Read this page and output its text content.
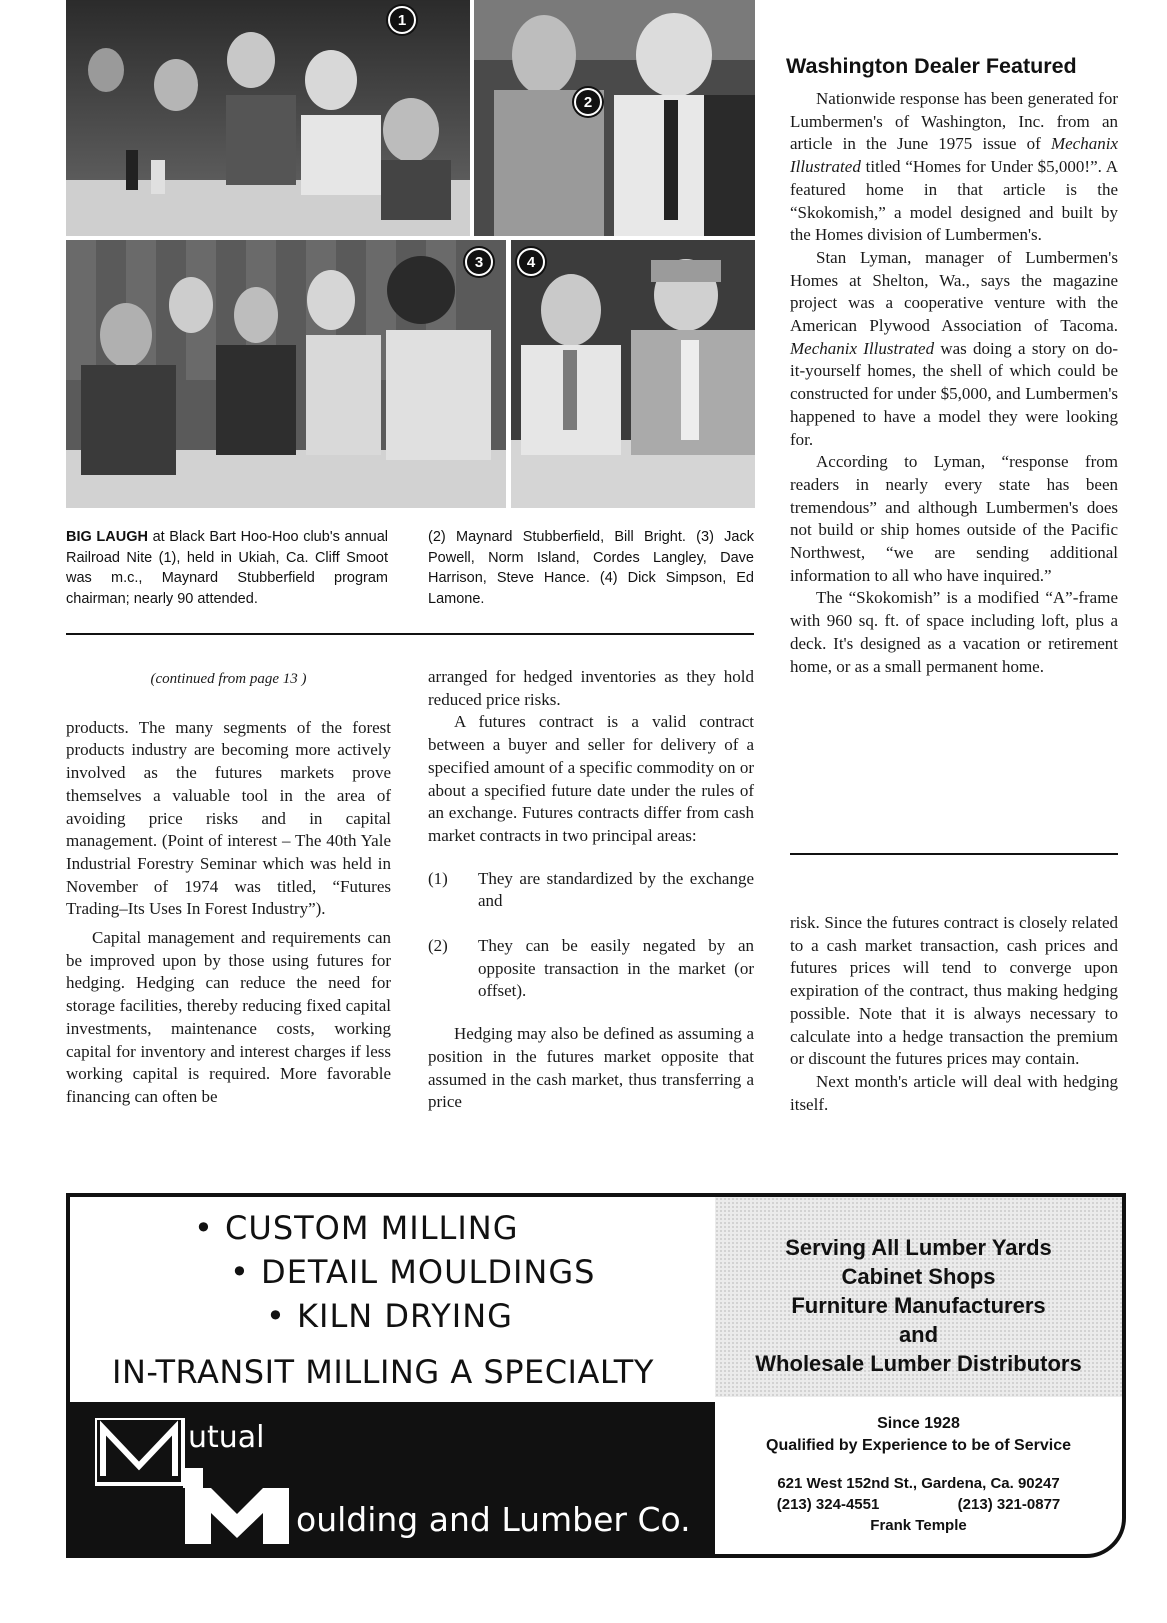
1
2
3	4
BIG LAUGH at Black Bart Hoo-Hoo club's annual Railroad Nite (1), held in Ukiah, Ca. Cliff Smoot was m.c., Maynard Stubberfield program chairman; nearly 90 attended.
(2) Maynard Stubberfield, Bill Bright. (3) Jack Powell, Norm Island, Cordes Langley, Dave Harrison, Steve Hance. (4) Dick Simpson, Ed Lamone.

(continued from page 13 )

products. The many segments of the forest products industry are becoming more actively involved as the futures markets prove themselves a valuable tool in the area of avoiding price risks and in capital management. (Point of interest – The 40th Yale Industrial Forestry Seminar which was held in November of 1974 was titled, “Futures Trading–Its Uses In Forest Industry”).

Capital management and requirements can be improved upon by those using futures for hedging. Hedging can reduce the need for storage facilities, thereby reducing fixed capital investments, maintenance costs, working capital for inventory and interest charges if less working capital is required. More favorable financing can often be

arranged for hedged inventories as they hold reduced price risks.

A futures contract is a valid contract between a buyer and seller for delivery of a specified amount of a specific commodity on or about a specified future date under the rules of an exchange. Futures contracts differ from cash market contracts in two principal areas:

(1)	They are standardized by the exchange and
(2)	They can be easily negated by an opposite transaction in the market (or offset).

Hedging may also be defined as assuming a position in the futures market opposite that assumed in the cash market, thus transferring a price

Washington Dealer Featured

Nationwide response has been generated for Lumbermen's of Washington, Inc. from an article in the June 1975 issue of Mechanix Illustrated titled “Homes for Under $5,000!”. A featured home in that article is the “Skokomish,” a model designed and built by the Homes division of Lumbermen's.

Stan Lyman, manager of Lumbermen's Homes at Shelton, Wa., says the magazine project was a cooperative venture with the American Plywood Association of Tacoma. Mechanix Illustrated was doing a story on do-it-yourself homes, the shell of which could be constructed for under $5,000, and Lumbermen's happened to have a model they were looking for.

According to Lyman, “response from readers in nearly every state has been tremendous” and although Lumbermen's does not build or ship homes outside of the Pacific Northwest, “we are sending additional information to all who have inquired.”

The “Skokomish” is a modified “A”-frame with 960 sq. ft. of space including loft, plus a deck. It's designed as a vacation or retirement home, or as a small permanent home.

risk. Since the futures contract is closely related to a cash market transaction, cash prices and futures prices will tend to converge upon expiration of the contract, thus making hedging possible. Note that it is always necessary to calculate into a hedge transaction the premium or discount the futures prices may contain.

Next month's article will deal with hedging itself.

• CUSTOM MILLING
• DETAIL MOULDINGS
• KILN DRYING
IN-TRANSIT MILLING A SPECIALTY
utual
oulding and Lumber Co.
Serving All Lumber Yards
Cabinet Shops
Furniture Manufacturers
and
Wholesale Lumber Distributors
Since 1928
Qualified by Experience to be of Service
621 West 152nd St., Gardena, Ca. 90247
(213) 324-4551	(213) 321-0877
Frank Temple
